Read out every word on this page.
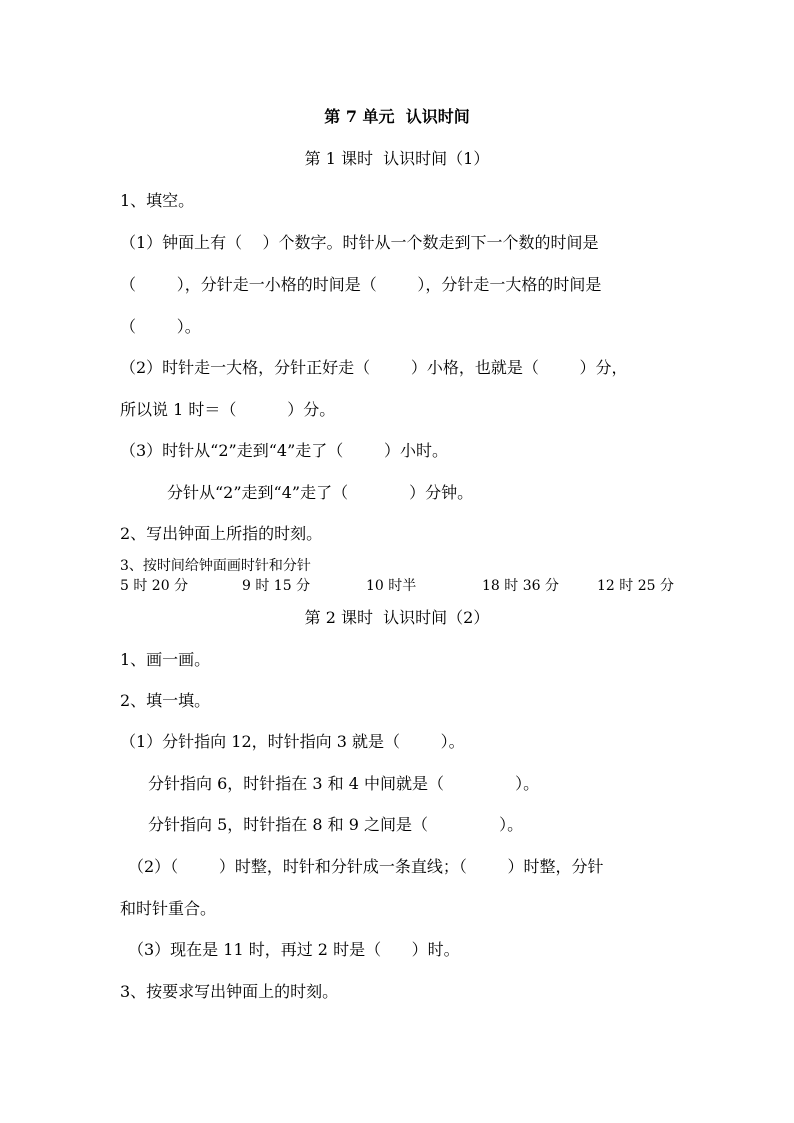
第 7 单元  认识时间
第 1 课时  认识时间（1）
1、填空。
（1）钟面上有（    ）个数字。时针从一个数走到下一个数的时间是
（        ），分针走一小格的时间是（        ），分针走一大格的时间是
（        ）。
（2）时针走一大格，分针正好走（        ）小格，也就是（        ）分，
所以说 1 时＝（          ）分。
（3）时针从“2”走到“4”走了（        ）小时。
分针从“2”走到“4”走了（            ）分钟。
2、写出钟面上所指的时刻。
3、按时间给钟面画时针和分针
5 时 20 分	9 时 15 分	10 时半	18 时 36 分	12 时 25 分
第 2 课时  认识时间（2）
1、画一画。
2、填一填。
（1）分针指向 12，时针指向 3 就是（        ）。
分针指向 6，时针指在 3 和 4 中间就是（              ）。
分针指向 5，时针指在 8 和 9 之间是（              ）。
（2）（        ）时整，时针和分针成一条直线；（        ）时整，分针
和时针重合。
（3）现在是 11 时，再过 2 时是（      ）时。
3、按要求写出钟面上的时刻。
